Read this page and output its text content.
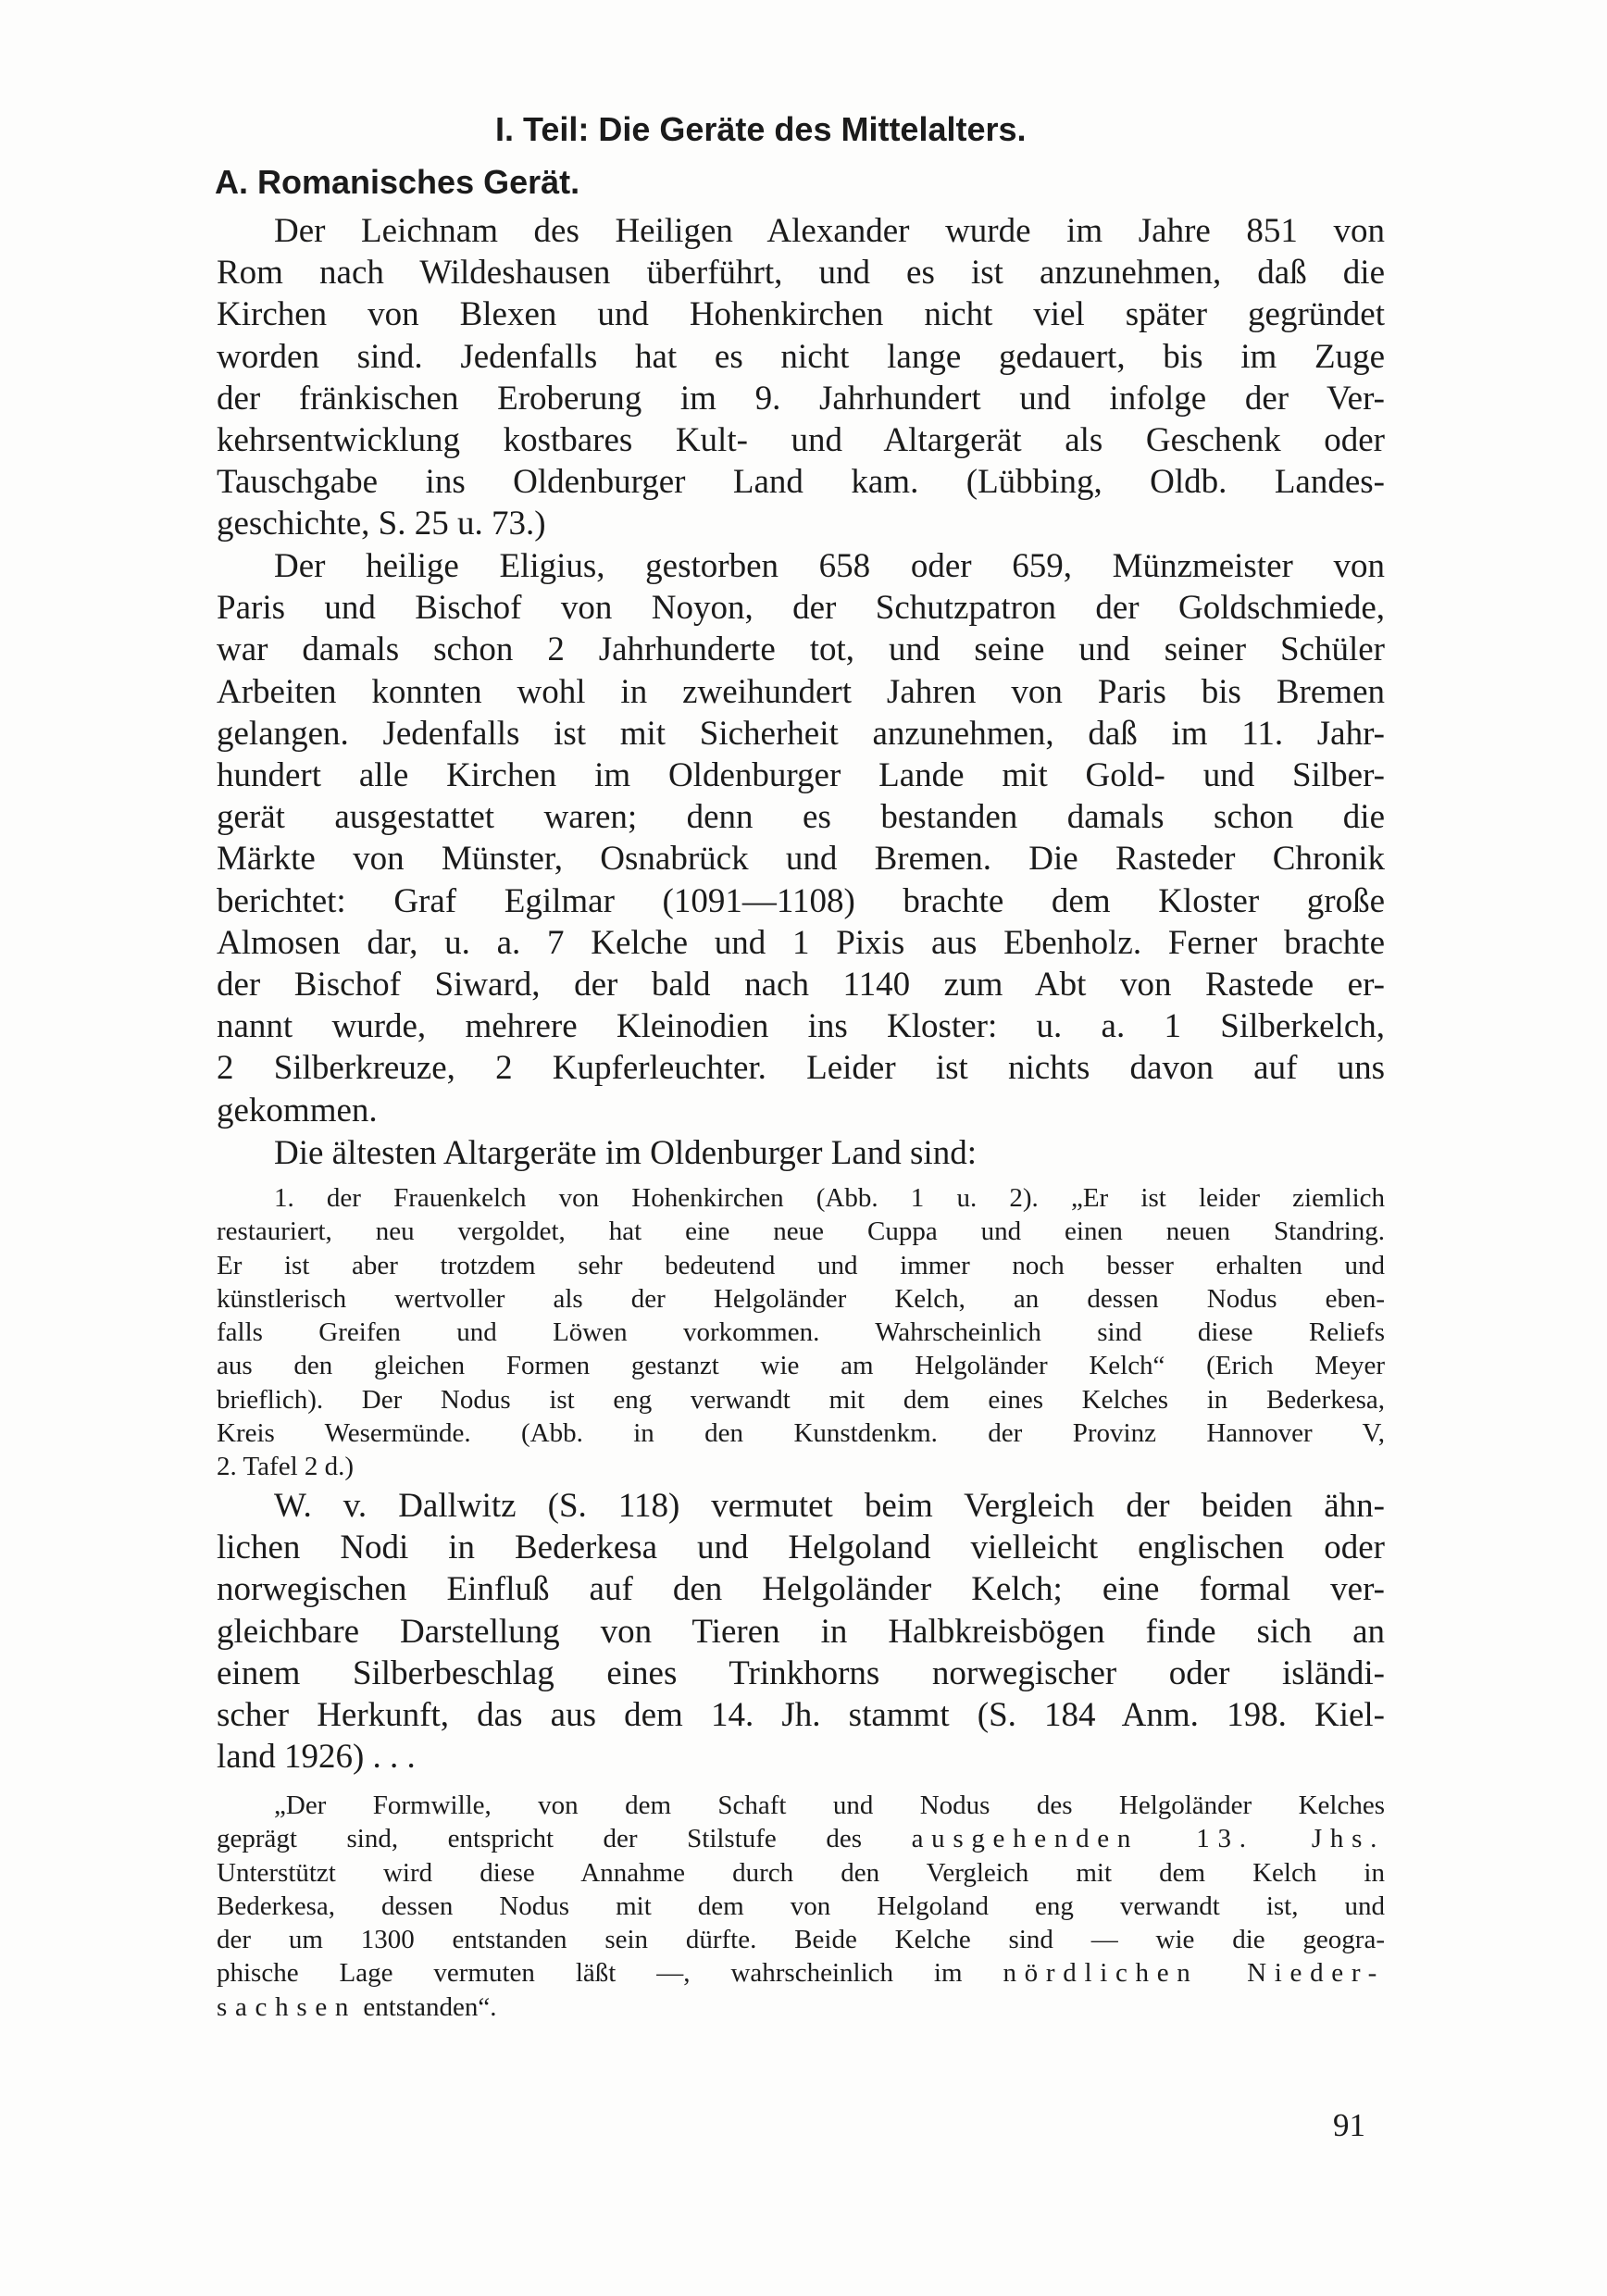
I. Teil: Die Geräte des Mittelalters.
A. Romanisches Gerät.

Der Leichnam des Heiligen Alexander wurde im Jahre 851 von
Rom nach Wildeshausen überführt, und es ist anzunehmen, daß die
Kirchen von Blexen und Hohenkirchen nicht viel später gegründet
worden sind. Jedenfalls hat es nicht lange gedauert, bis im Zuge
der fränkischen Eroberung im 9. Jahrhundert und infolge der Ver-
kehrsentwicklung kostbares Kult- und Altargerät als Geschenk oder
Tauschgabe ins Oldenburger Land kam. (Lübbing, Oldb. Landes-
geschichte, S. 25 u. 73.)

Der heilige Eligius, gestorben 658 oder 659, Münzmeister von
Paris und Bischof von Noyon, der Schutzpatron der Goldschmiede,
war damals schon 2 Jahrhunderte tot, und seine und seiner Schüler
Arbeiten konnten wohl in zweihundert Jahren von Paris bis Bremen
gelangen. Jedenfalls ist mit Sicherheit anzunehmen, daß im 11. Jahr-
hundert alle Kirchen im Oldenburger Lande mit Gold- und Silber-
gerät ausgestattet waren; denn es bestanden damals schon die
Märkte von Münster, Osnabrück und Bremen. Die Rasteder Chronik
berichtet: Graf Egilmar (1091—1108) brachte dem Kloster große
Almosen dar, u. a. 7 Kelche und 1 Pixis aus Ebenholz. Ferner brachte
der Bischof Siward, der bald nach 1140 zum Abt von Rastede er-
nannt wurde, mehrere Kleinodien ins Kloster: u. a. 1 Silberkelch,
2 Silberkreuze, 2 Kupferleuchter. Leider ist nichts davon auf uns
gekommen.

Die ältesten Altargeräte im Oldenburger Land sind:

1. der Frauenkelch von Hohenkirchen (Abb. 1 u. 2). „Er ist leider ziemlich
restauriert, neu vergoldet, hat eine neue Cuppa und einen neuen Standring.
Er ist aber trotzdem sehr bedeutend und immer noch besser erhalten und
künstlerisch wertvoller als der Helgoländer Kelch, an dessen Nodus eben-
falls Greifen und Löwen vorkommen. Wahrscheinlich sind diese Reliefs
aus den gleichen Formen gestanzt wie am Helgoländer Kelch“ (Erich Meyer
brieflich). Der Nodus ist eng verwandt mit dem eines Kelches in Bederkesa,
Kreis Wesermünde. (Abb. in den Kunstdenkm. der Provinz Hannover V,
2. Tafel 2 d.)

W. v. Dallwitz (S. 118) vermutet beim Vergleich der beiden ähn-
lichen Nodi in Bederkesa und Helgoland vielleicht englischen oder
norwegischen Einfluß auf den Helgoländer Kelch; eine formal ver-
gleichbare Darstellung von Tieren in Halbkreisbögen finde sich an
einem Silberbeschlag eines Trinkhorns norwegischer oder isländi-
scher Herkunft, das aus dem 14. Jh. stammt (S. 184 Anm. 198. Kiel-
land 1926) . . .

„Der Formwille, von dem Schaft und Nodus des Helgoländer Kelches
geprägt sind, entspricht der Stilstufe des ausgehenden 13. Jhs.
Unterstützt wird diese Annahme durch den Vergleich mit dem Kelch in
Bederkesa, dessen Nodus mit dem von Helgoland eng verwandt ist, und
der um 1300 entstanden sein dürfte. Beide Kelche sind — wie die geogra-
phische Lage vermuten läßt —, wahrscheinlich im nördlichen Nieder-
sachsen entstanden“.

91
